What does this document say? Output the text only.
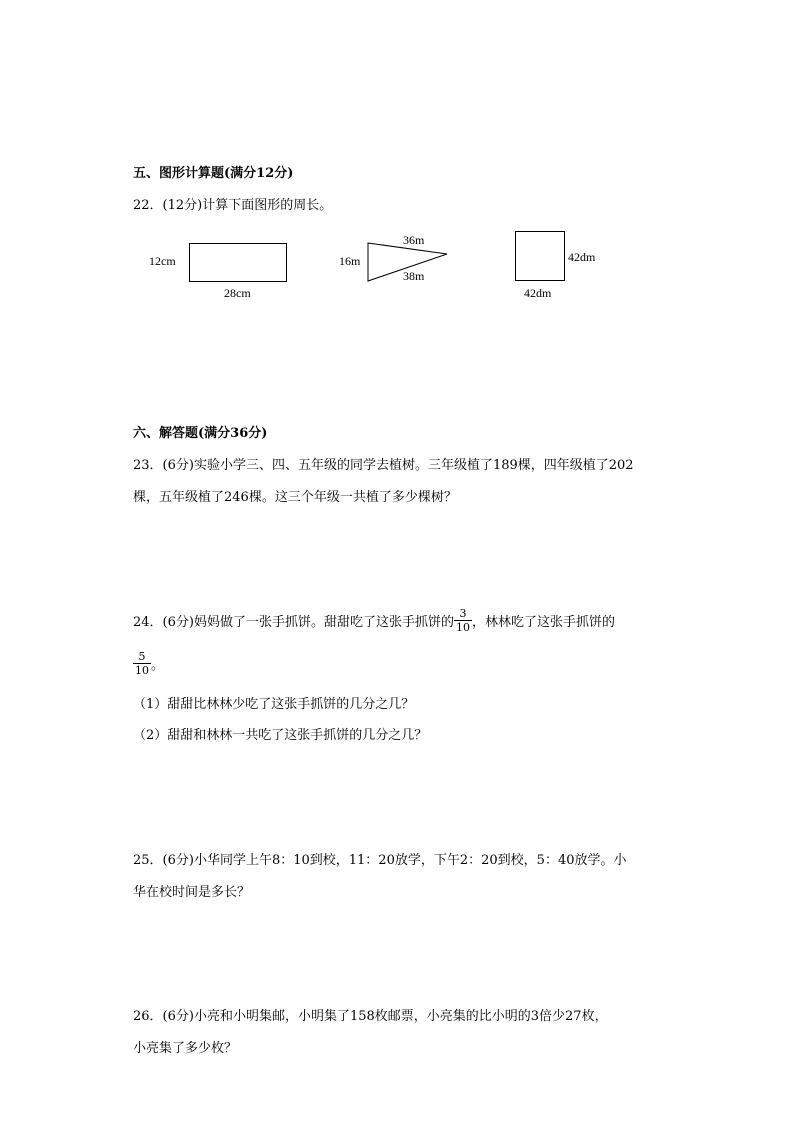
五、图形计算题(满分12分)
22．(12分)计算下面图形的周长。
12cm
28cm
16m
36m
38m
42dm
42dm
六、解答题(满分36分)
23．(6分)实验小学三、四、五年级的同学去植树。三年级植了189棵，四年级植了202
棵，五年级植了246棵。这三个年级一共植了多少棵树？
24．(6分)妈妈做了一张手抓饼。甜甜吃了这张手抓饼的 $\frac{3}{10}$ ，林林吃了这张手抓饼的
$\frac{5}{10}$ 。
（1）甜甜比林林少吃了这张手抓饼的几分之几？
（2）甜甜和林林一共吃了这张手抓饼的几分之几？
25．(6分)小华同学上午8：10到校，11：20放学，下午2：20到校，5：40放学。小
华在校时间是多长？
26．(6分)小亮和小明集邮，小明集了158枚邮票，小亮集的比小明的3倍少27枚，
小亮集了多少枚？
